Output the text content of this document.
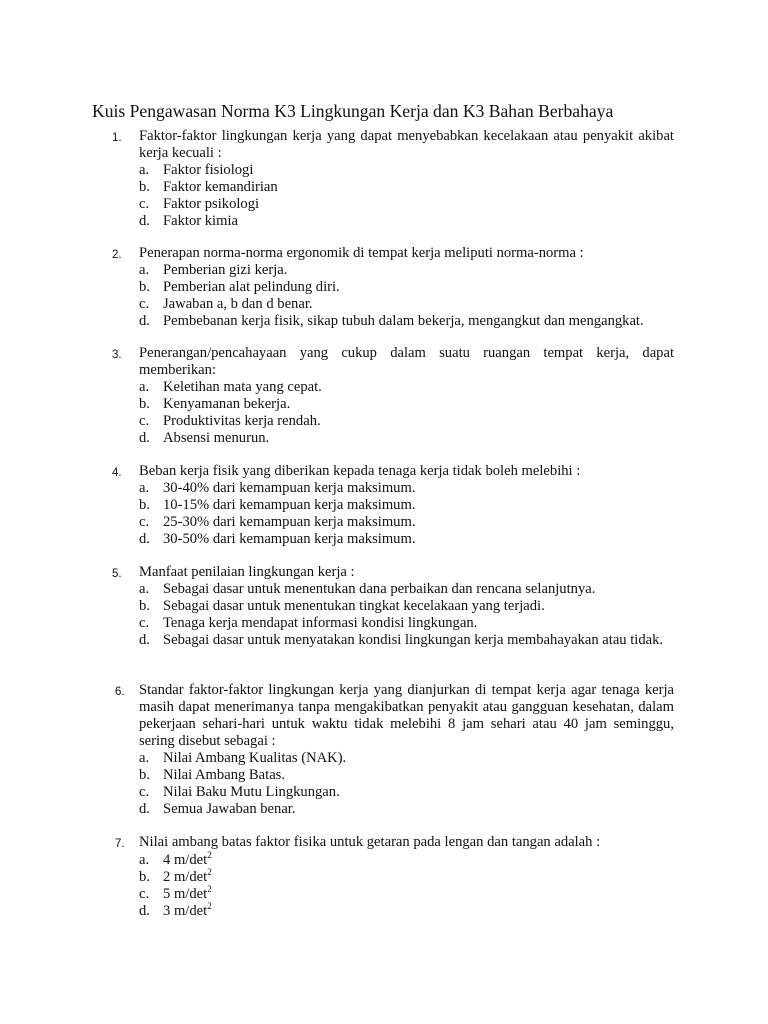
Kuis Pengawasan Norma K3 Lingkungan Kerja dan K3 Bahan Berbahaya
1.	Faktor-faktor lingkungan kerja yang dapat menyebabkan kecelakaan atau penyakit akibat kerja kecuali :
a. Faktor fisiologi
b. Faktor kemandirian
c. Faktor psikologi
d. Faktor kimia
2.	Penerapan norma-norma ergonomik di tempat kerja meliputi norma-norma :
a. Pemberian gizi kerja.
b. Pemberian alat pelindung diri.
c. Jawaban a, b dan d benar.
d. Pembebanan kerja fisik, sikap tubuh dalam bekerja, mengangkut dan mengangkat.
3.	Penerangan/pencahayaan yang cukup dalam suatu ruangan tempat kerja, dapat memberikan:
a. Keletihan mata yang cepat.
b. Kenyamanan bekerja.
c. Produktivitas kerja rendah.
d. Absensi menurun.
4.	Beban kerja fisik yang diberikan kepada tenaga kerja tidak boleh melebihi :
a. 30-40% dari kemampuan kerja maksimum.
b. 10-15% dari kemampuan kerja maksimum.
c. 25-30% dari kemampuan kerja maksimum.
d. 30-50% dari kemampuan kerja maksimum.
5.	Manfaat penilaian lingkungan kerja :
a. Sebagai dasar untuk menentukan dana perbaikan dan rencana selanjutnya.
b. Sebagai dasar untuk menentukan tingkat kecelakaan yang terjadi.
c. Tenaga kerja mendapat informasi kondisi lingkungan.
d. Sebagai dasar untuk menyatakan kondisi lingkungan kerja membahayakan atau tidak.
6. Standar faktor-faktor lingkungan kerja yang dianjurkan di tempat kerja agar tenaga kerja masih dapat menerimanya tanpa mengakibatkan penyakit atau gangguan kesehatan, dalam pekerjaan sehari-hari untuk waktu tidak melebihi 8 jam sehari atau 40 jam seminggu, sering disebut sebagai :
a. Nilai Ambang Kualitas (NAK).
b. Nilai Ambang Batas.
c. Nilai Baku Mutu Lingkungan.
d. Semua Jawaban benar.
7. Nilai ambang batas faktor fisika untuk getaran pada lengan dan tangan adalah :
a. 4 $m/\det^2$
b. 2 $m/\det^2$
c. 5 $m/\det^2$
d. 3 $m/\det^2$
